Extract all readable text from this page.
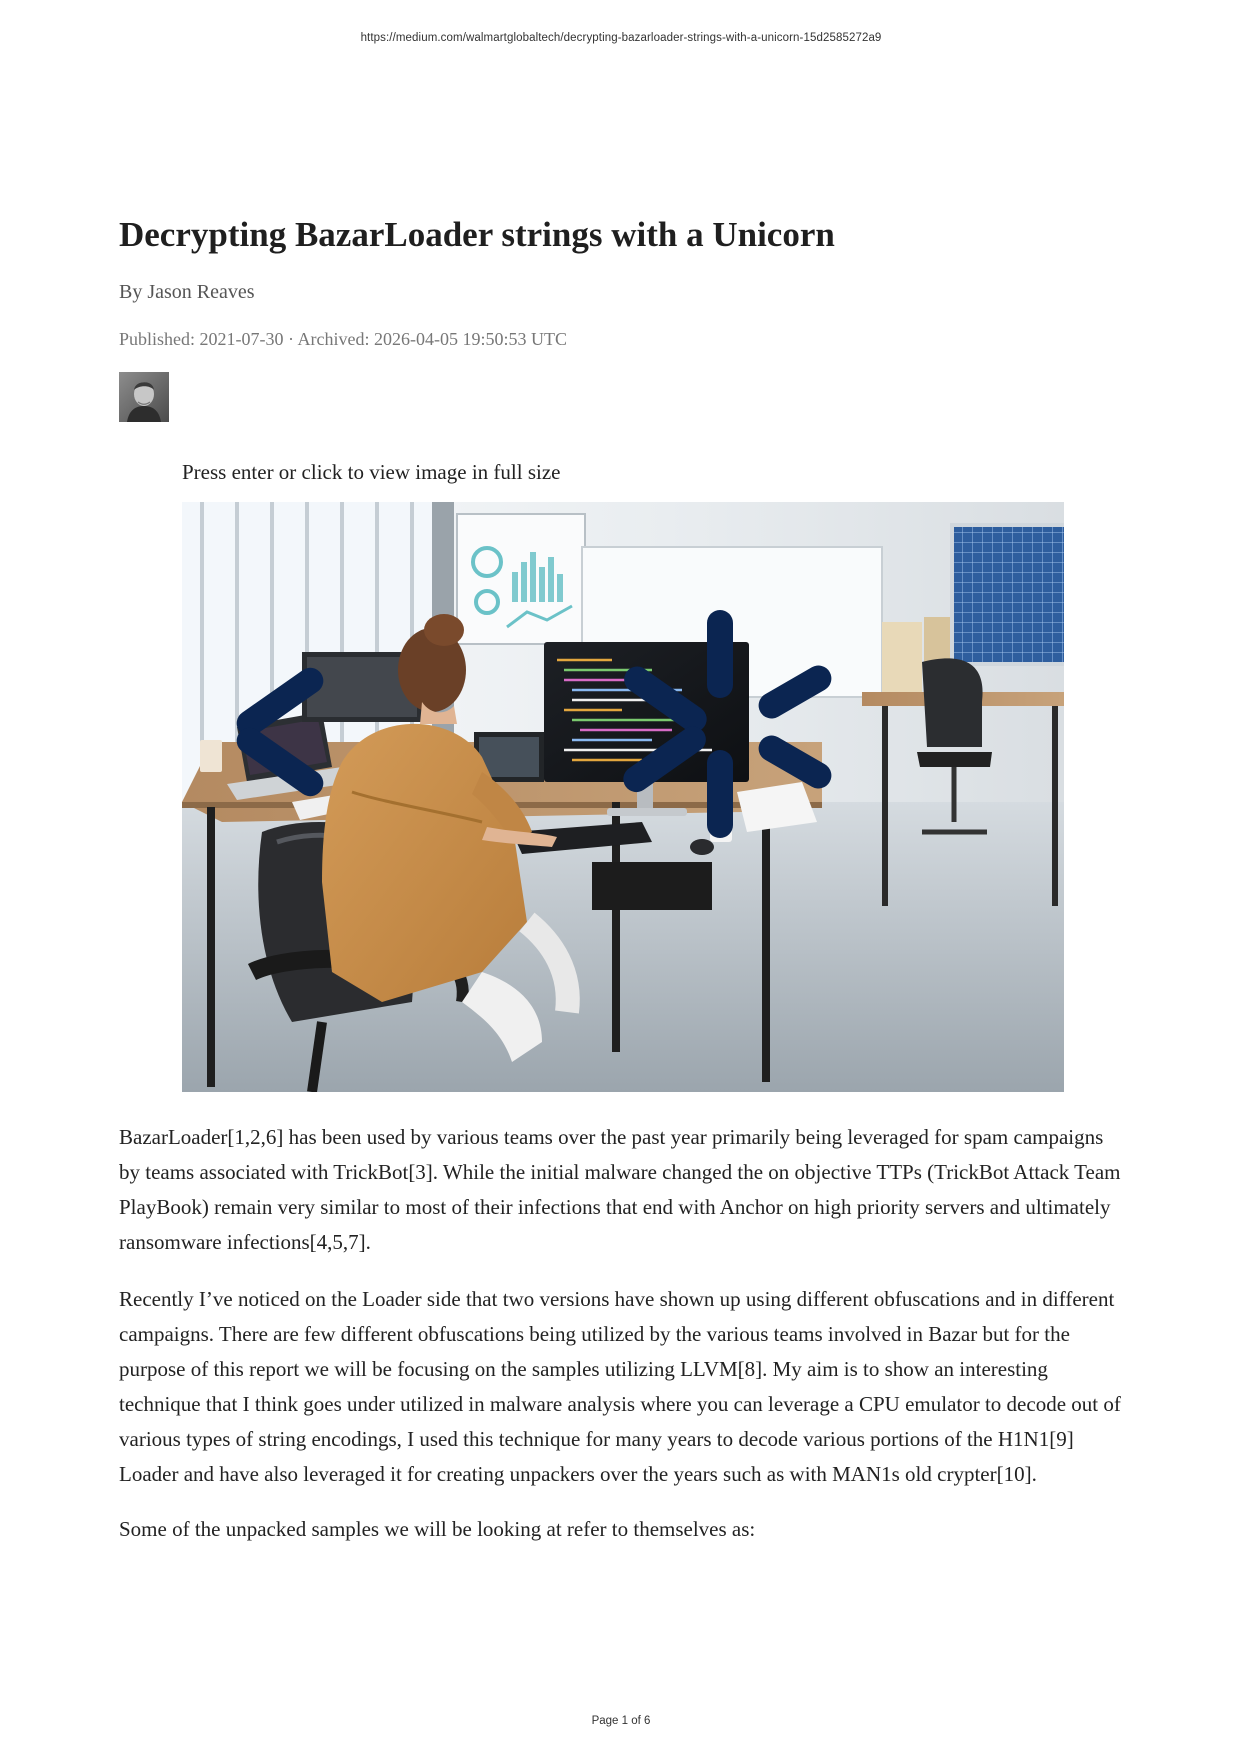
https://medium.com/walmartglobaltech/decrypting-bazarloader-strings-with-a-unicorn-15d2585272a9
Decrypting BazarLoader strings with a Unicorn
By Jason Reaves
Published: 2021-07-30 · Archived: 2026-04-05 19:50:53 UTC
Press enter or click to view image in full size

BazarLoader[1,2,6] has been used by various teams over the past year primarily being leveraged for spam campaigns by teams associated with TrickBot[3]. While the initial malware changed the on objective TTPs (TrickBot Attack Team PlayBook) remain very similar to most of their infections that end with Anchor on high priority servers and ultimately ransomware infections[4,5,7].

Recently I’ve noticed on the Loader side that two versions have shown up using different obfuscations and in different campaigns. There are few different obfuscations being utilized by the various teams involved in Bazar but for the purpose of this report we will be focusing on the samples utilizing LLVM[8]. My aim is to show an interesting technique that I think goes under utilized in malware analysis where you can leverage a CPU emulator to decode out of various types of string encodings, I used this technique for many years to decode various portions of the H1N1[9] Loader and have also leveraged it for creating unpackers over the years such as with MAN1s old crypter[10].

Some of the unpacked samples we will be looking at refer to themselves as:

Page 1 of 6
